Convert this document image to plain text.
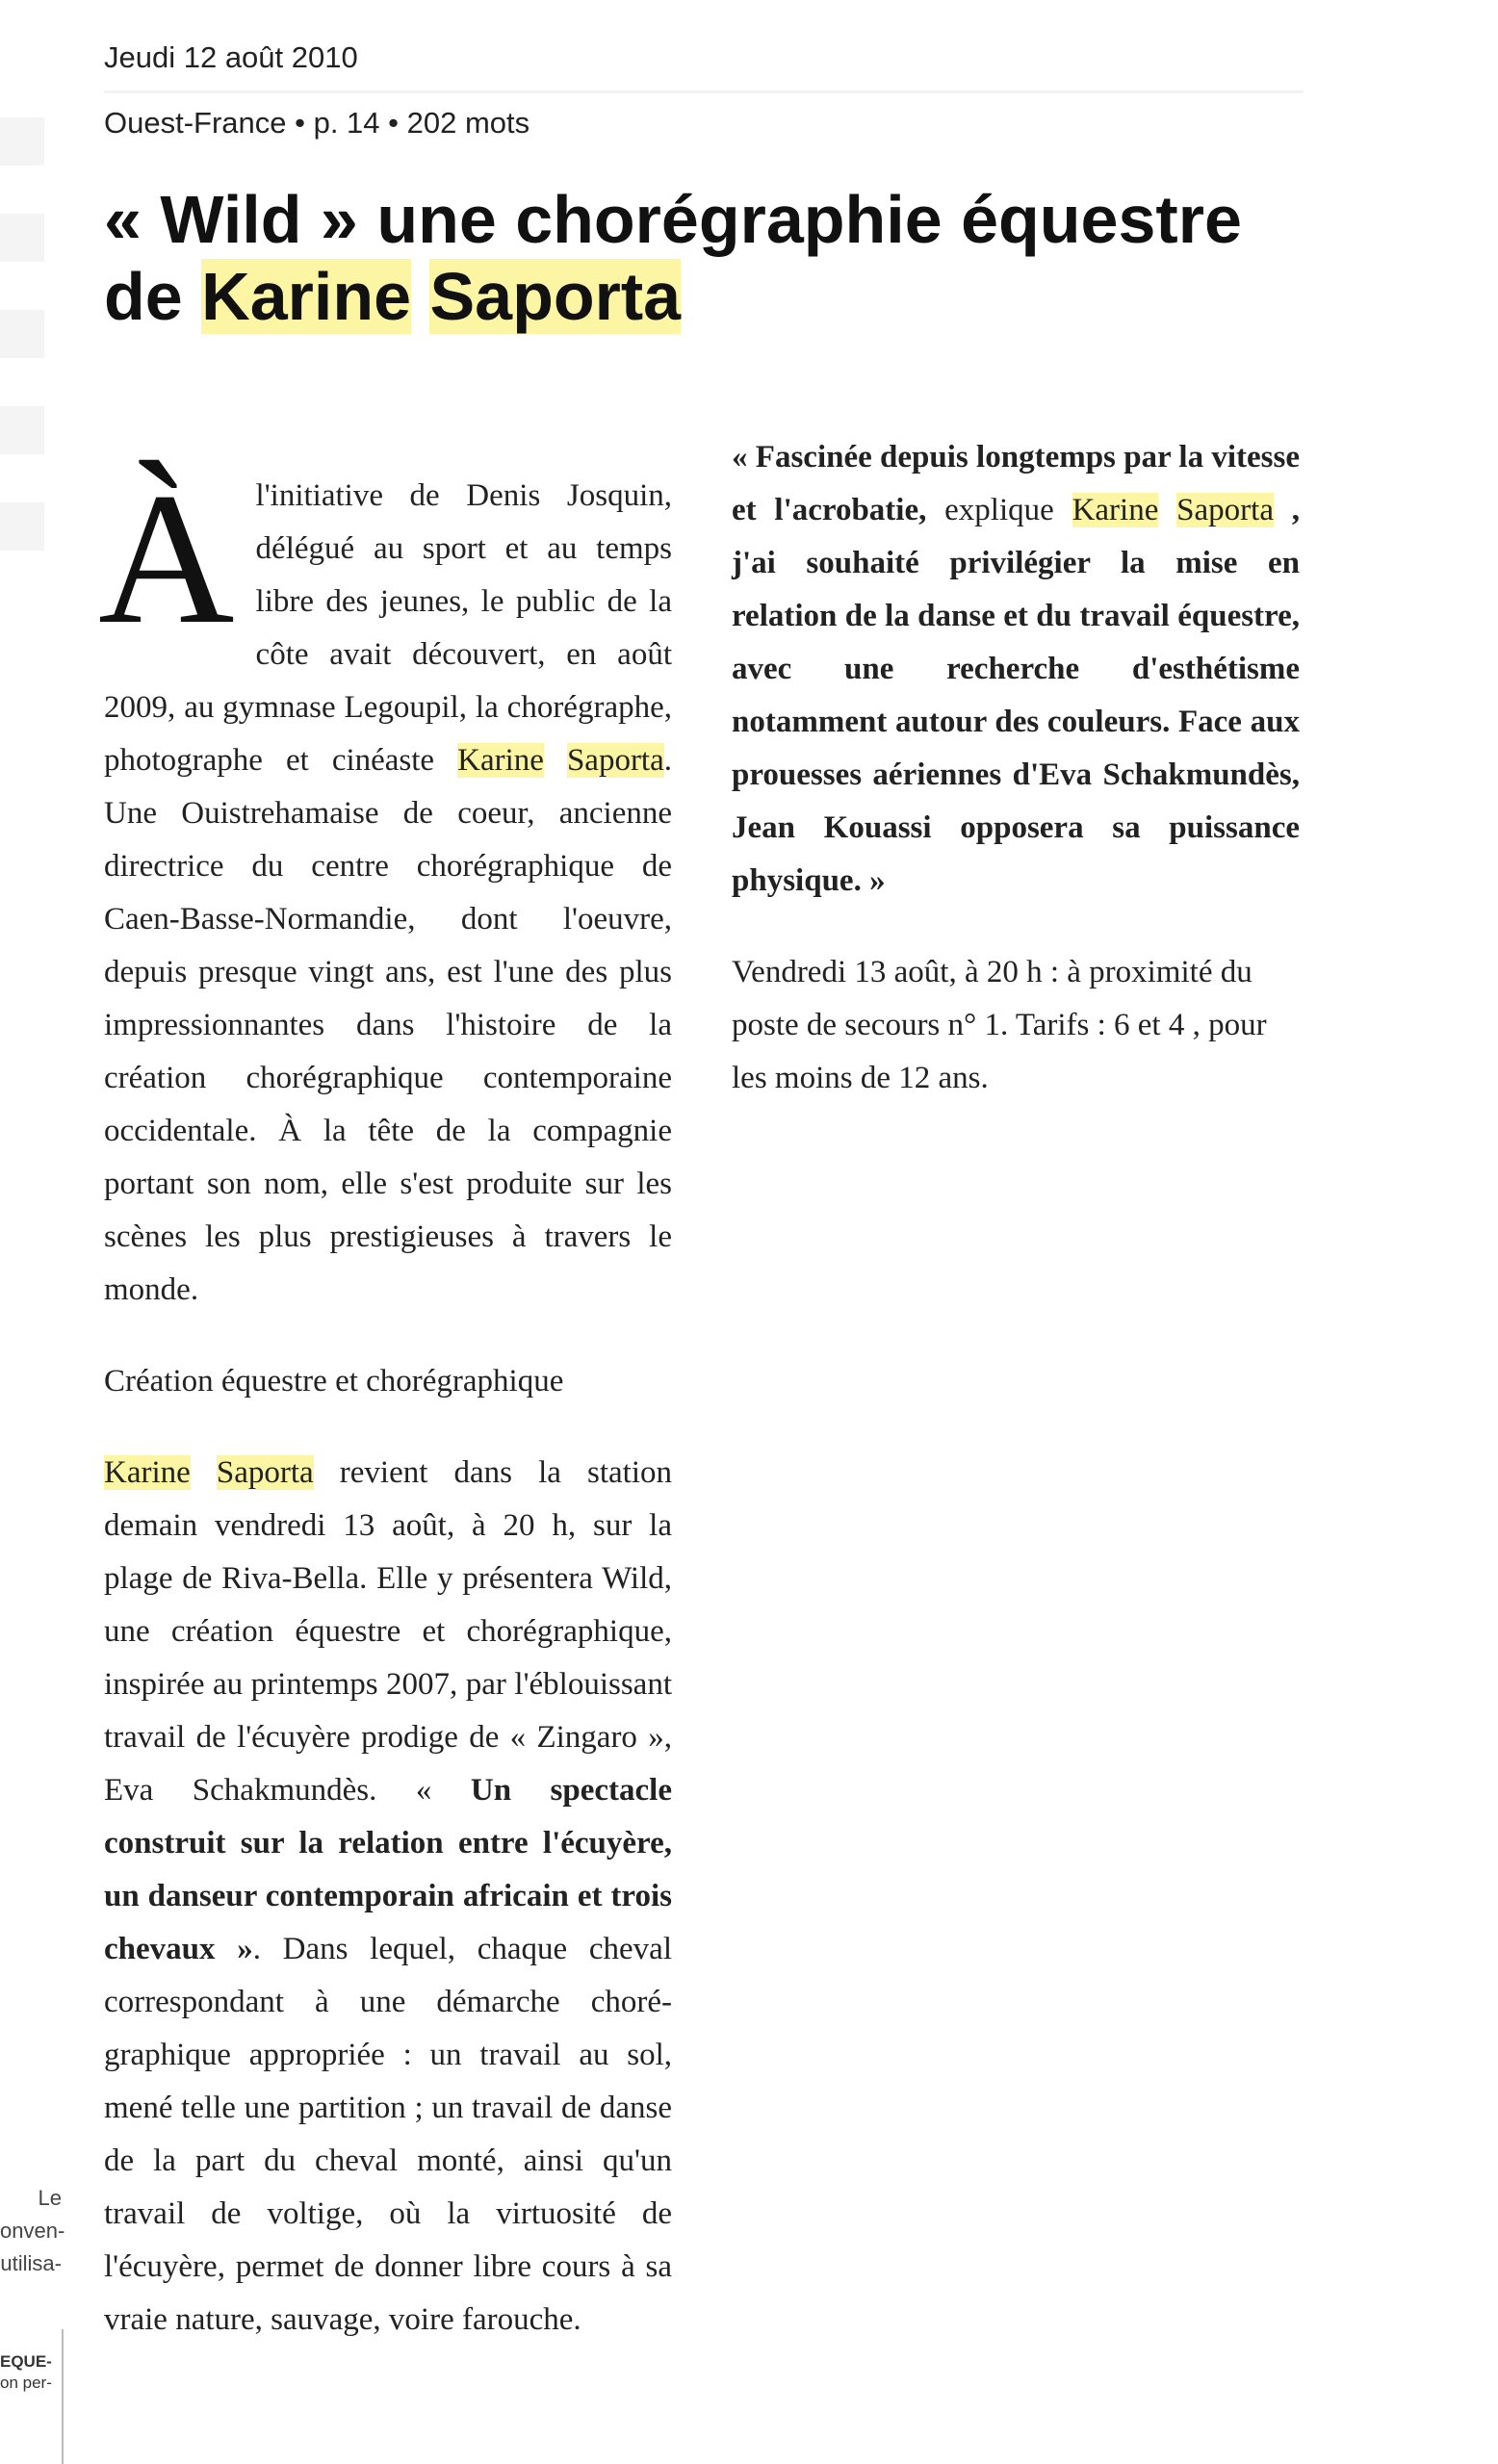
Le
onven-
utilisa-
EQUE-
on per-
Jeudi 12 août 2010
Ouest-France • p. 14 • 202 mots
« Wild » une chorégraphie équestre de Karine Saporta

Àl'initiative de Denis Josquin, délégué au sport et au temps libre des jeunes, le public de la côte avait découvert, en août 2009, au gymnase Legoupil, la chorégraphe, photographe et cinéaste Karine Saporta. Une Ouistrehamaise de coeur, ancienne directrice du centre chorégraphique de Caen-Basse-Normandie, dont l'oeuvre, depuis presque vingt ans, est l'une des plus impressionnantes dans l'histoire de la création chorégraphique contemporaine occidentale. À la tête de la compagnie portant son nom, elle s'est produite sur les scènes les plus prestigieuses à travers le monde.

Création équestre et chorégraphique

Karine Saporta revient dans la station demain vendredi 13 août, à 20 h, sur la plage de Riva-Bella. Elle y présentera Wild, une création équestre et chorégraphique, inspirée au printemps 2007, par l'éblouissant travail de l'écuyère prodige de « Zingaro », Eva Schakmundès. « Un spectacle construit sur la relation entre l'écuyère, un danseur contemporain africain et trois chevaux ». Dans lequel, chaque cheval correspondant à une démarche chorégraphique appropriée : un travail au sol, mené telle une partition ; un travail de danse de la part du cheval monté, ainsi qu'un travail de voltige, où la virtuosité de l'écuyère, permet de donner libre cours à sa vraie nature, sauvage, voire farouche.

« Fascinée depuis longtemps par la vitesse et l'acrobatie, explique Karine Saporta , j'ai souhaité privilégier la mise en relation de la danse et du travail équestre, avec une recherche d'esthétisme notamment autour des couleurs. Face aux prouesses aériennes d'Eva Schakmundès, Jean Kouassi opposera sa puissance physique. »

Vendredi 13 août, à 20 h : à proximité du poste de secours n° 1. Tarifs : 6 et 4 , pour les moins de 12 ans.
